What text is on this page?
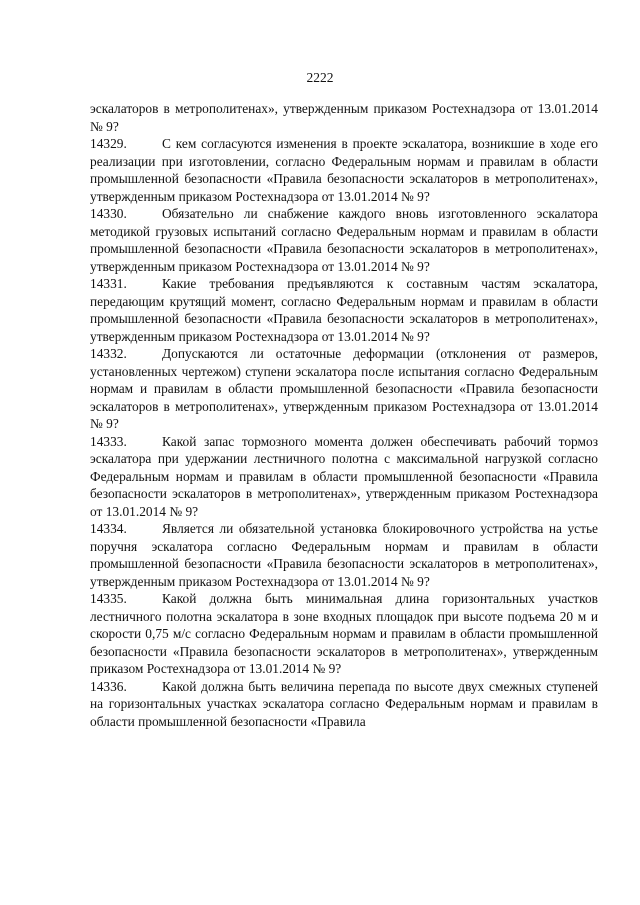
2222

эскалаторов в метрополитенах», утвержденным приказом Ростехнадзора от 13.01.2014 № 9?

14329.	С кем согласуются изменения в проекте эскалатора, возникшие в ходе его реализации при изготовлении, согласно Федеральным нормам и правилам в области промышленной безопасности «Правила безопасности эскалаторов в метрополитенах», утвержденным приказом Ростехнадзора от 13.01.2014 № 9?

14330.	Обязательно ли снабжение каждого вновь изготовленного эскалатора методикой грузовых испытаний согласно Федеральным нормам и правилам в области промышленной безопасности «Правила безопасности эскалаторов в метрополитенах», утвержденным приказом Ростехнадзора от 13.01.2014 № 9?

14331.	Какие требования предъявляются к составным частям эскалатора, передающим крутящий момент, согласно Федеральным нормам и правилам в области промышленной безопасности «Правила безопасности эскалаторов в метрополитенах», утвержденным приказом Ростехнадзора от 13.01.2014 № 9?

14332.	Допускаются ли остаточные деформации (отклонения от размеров, установленных чертежом) ступени эскалатора после испытания согласно Федеральным нормам и правилам в области промышленной безопасности «Правила безопасности эскалаторов в метрополитенах», утвержденным приказом Ростехнадзора от 13.01.2014 № 9?

14333.	Какой запас тормозного момента должен обеспечивать рабочий тормоз эскалатора при удержании лестничного полотна с максимальной нагрузкой согласно Федеральным нормам и правилам в области промышленной безопасности «Правила безопасности эскалаторов в метрополитенах», утвержденным приказом Ростехнадзора от 13.01.2014 № 9?

14334.	Является ли обязательной установка блокировочного устройства на устье поручня эскалатора согласно Федеральным нормам и правилам в области промышленной безопасности «Правила безопасности эскалаторов в метрополитенах», утвержденным приказом Ростехнадзора от 13.01.2014 № 9?

14335.	Какой должна быть минимальная длина горизонтальных участков лестничного полотна эскалатора в зоне входных площадок при высоте подъема 20 м и скорости 0,75 м/с согласно Федеральным нормам и правилам в области промышленной безопасности «Правила безопасности эскалаторов в метрополитенах», утвержденным приказом Ростехнадзора от 13.01.2014 № 9?

14336.	Какой должна быть величина перепада по высоте двух смежных ступеней на горизонтальных участках эскалатора согласно Федеральным нормам и правилам в области промышленной безопасности «Правила
